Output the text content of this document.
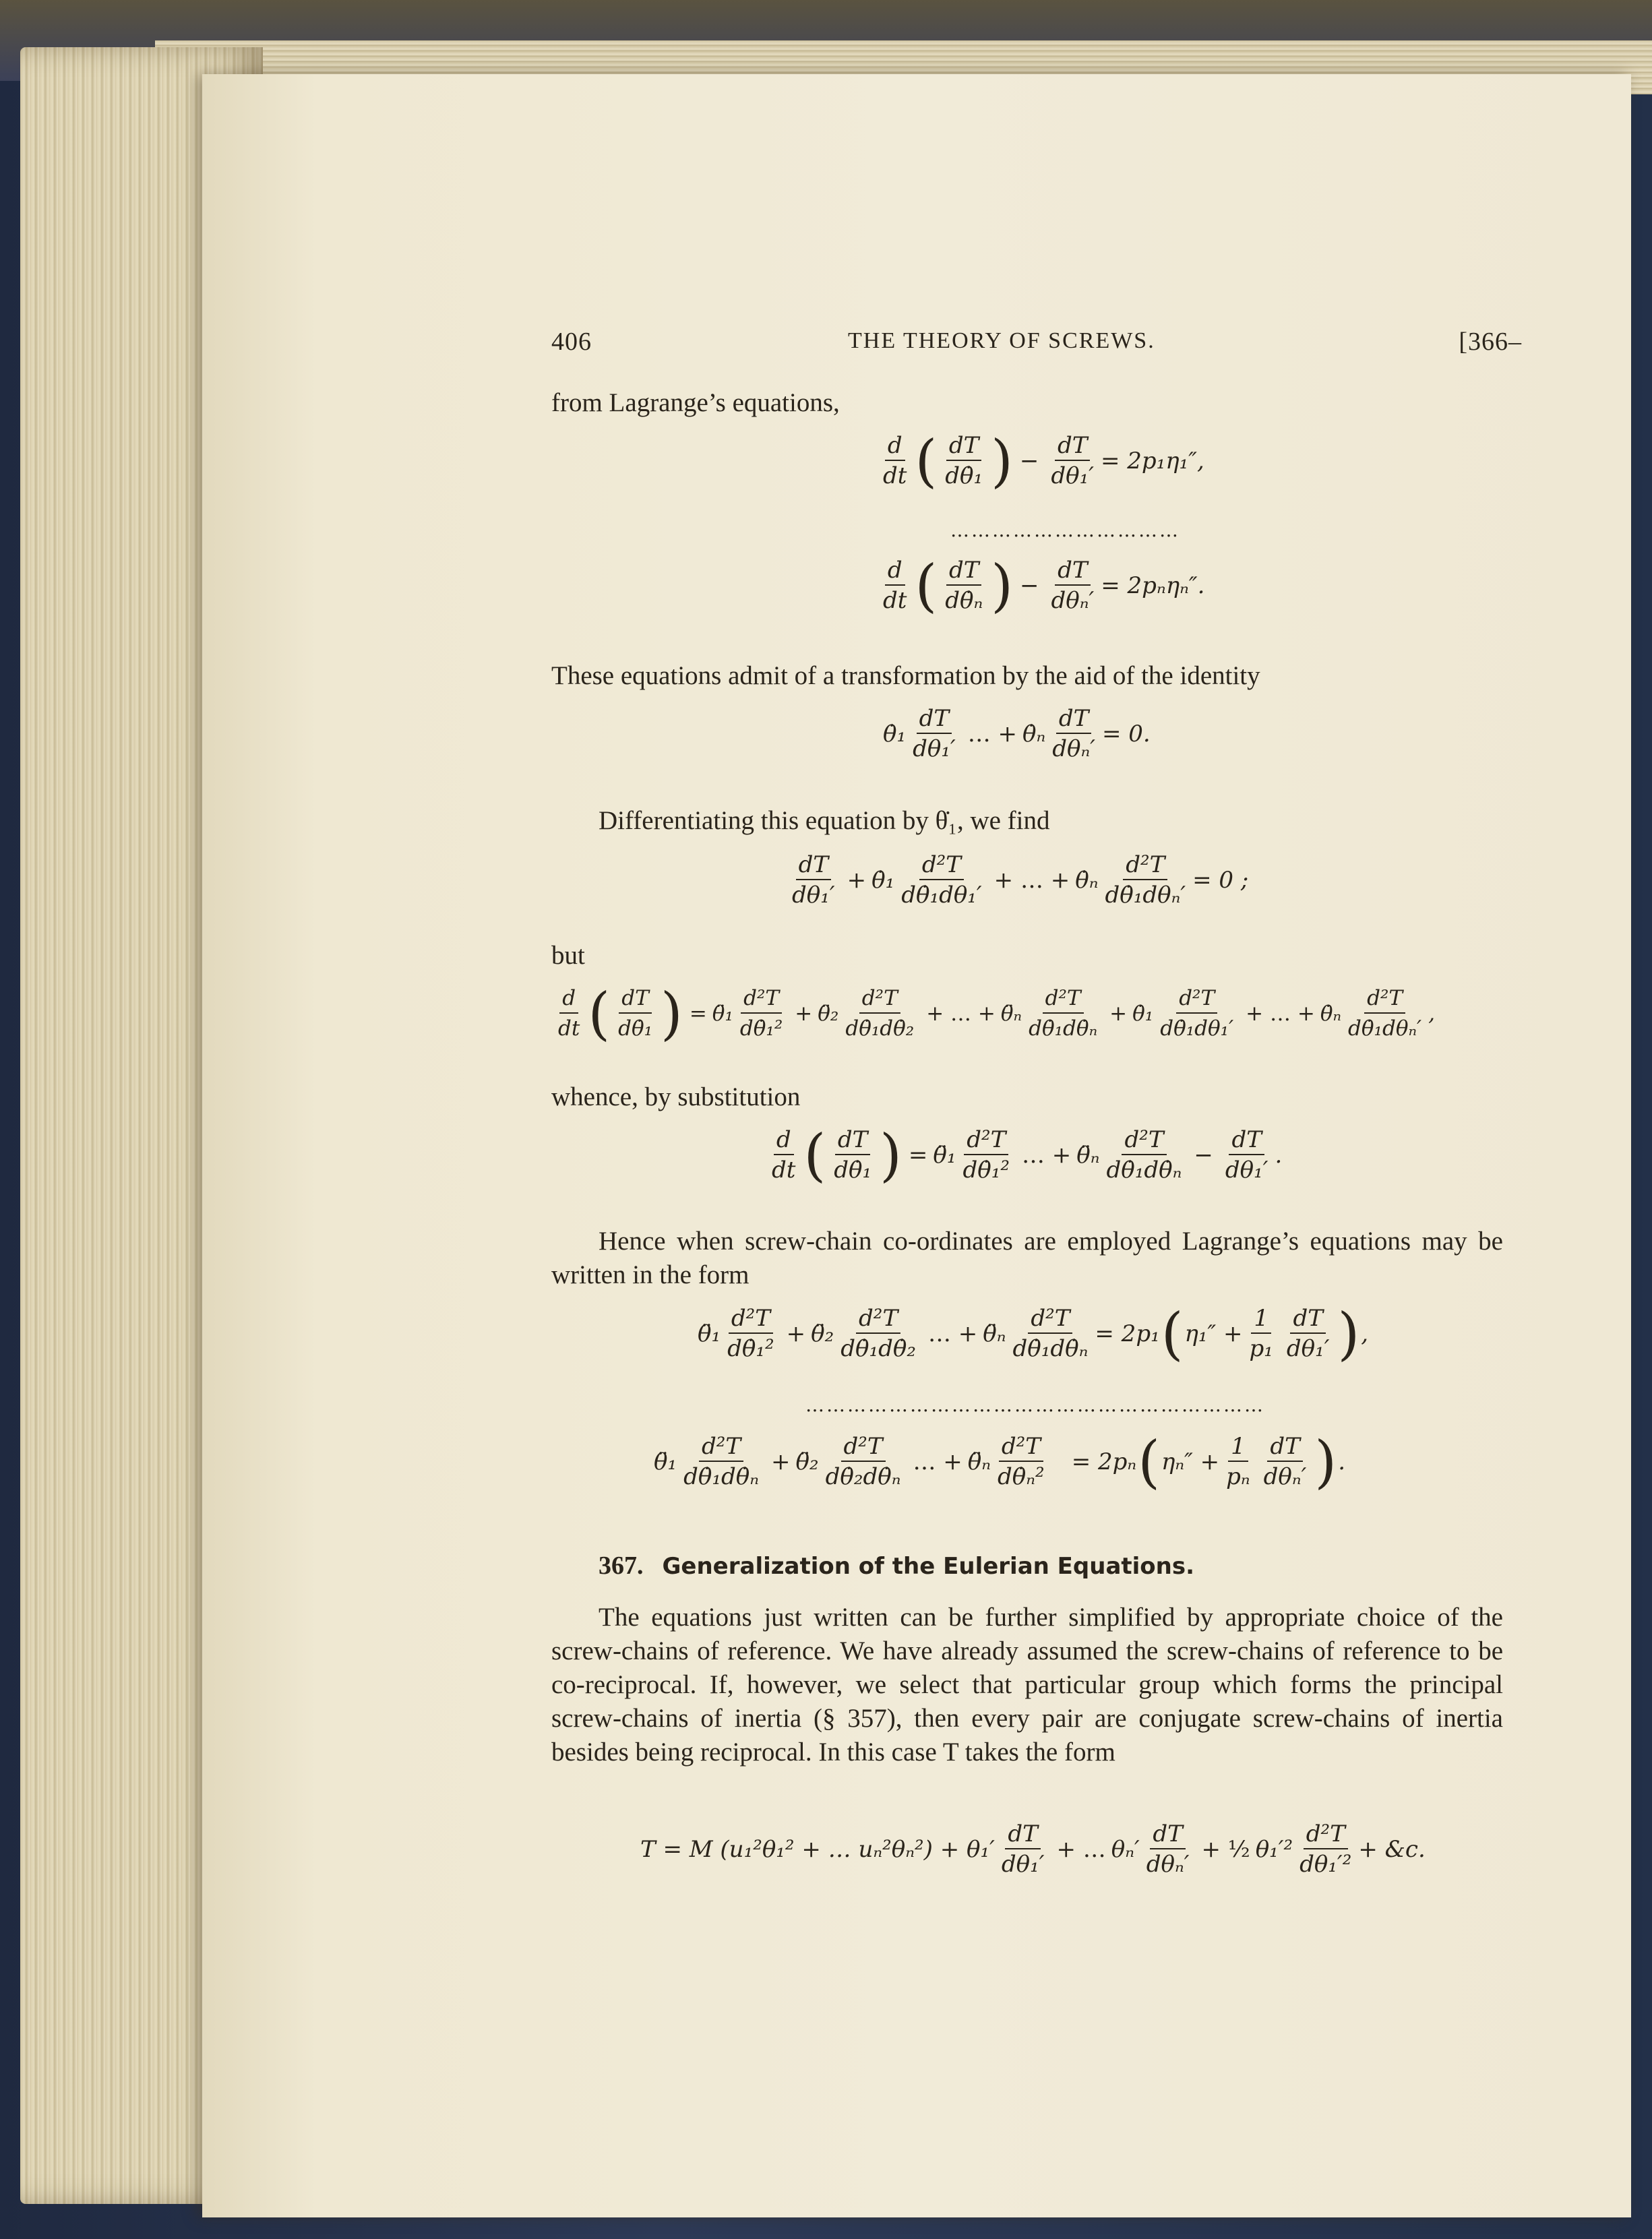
406	THE THEORY OF SCREWS.	[366–
from Lagrange’s equations,
$\frac{d}{dt}$ ( $\frac{dT}{\text{dθ̇₁}}$ ) − $\frac{dT}{\text{dθ₁′}} = 2p_1\eta_1''$,
……………………………
$\frac{d}{dt}$ ( $\frac{dT}{\text{dθ̇ₙ}}$ ) − $\frac{dT}{\text{dθₙ′}} = 2p_n\eta_n''$.
These equations admit of a transformation by the aid of the identity
θ̇₁ $\frac{dT}{\text{dθ₁′}}$ … + θ̇ₙ $\frac{dT}{\text{dθₙ′}} = 0$.
Differentiating this equation by θ̇₁, we find
$\frac{dT}{\text{dθ₁′}}$ + θ̇₁ $\frac{\text{d²T}}{\text{dθ̇₁dθ₁′}}$ + … + θ̇ₙ $\frac{\text{d²T}}{\text{dθ̇₁dθₙ′}} = 0$ ;
but
$\frac{d}{dt}$ ( $\frac{dT}{\text{dθ̇₁}}$ ) = θ̈₁ $\frac{\text{d²T}}{\text{dθ̇₁²}}$ + θ̈₂ $\frac{\text{d²T}}{\text{dθ̇₁dθ̇₂}}$ + … + θ̈ₙ $\frac{\text{d²T}}{\text{dθ̇₁dθ̇ₙ}}$ + θ̇₁ $\frac{\text{d²T}}{\text{dθ̇₁dθ₁′}}$ + … + θ̇ₙ $\frac{\text{d²T}}{\text{dθ̇₁dθₙ′}}$ ,
whence, by substitution
$\frac{d}{dt}$ ( $\frac{dT}{\text{dθ̇₁}}$ ) = θ̈₁ $\frac{\text{d²T}}{\text{dθ̇₁²}}$ … + θ̈ₙ $\frac{\text{d²T}}{\text{dθ̇₁dθ̇ₙ}} - \frac{dT}{\text{dθ₁′}}$ .
Hence when screw-chain co-ordinates are employed Lagrange’s equations may be written in the form
θ̈₁ $\frac{\text{d²T}}{\text{dθ̇₁²}}$ + θ̈₂ $\frac{\text{d²T}}{\text{dθ̇₁dθ̇₂}}$ … + θ̈ₙ $\frac{\text{d²T}}{\text{dθ̇₁dθ̇ₙ}} = 2p_1$ ( $\eta_1'' + \frac{1}{\text{p₁}} \frac{dT}{\text{dθ₁′}}$ ) ,
…………………………………………………………
θ̈₁ $\frac{\text{d²T}}{\text{dθ̇₁dθ̇ₙ}}$ + θ̈₂ $\frac{\text{d²T}}{\text{dθ̇₂dθ̇ₙ}}$ … + θ̈ₙ $\frac{\text{d²T}}{\text{dθ̇ₙ²}} = 2p_n$ ( $\eta_n'' + \frac{1}{\text{pₙ}} \frac{dT}{\text{dθₙ′}}$ ) .
367. Generalization of the Eulerian Equations.
The equations just written can be further simplified by appropriate choice of the screw-chains of reference. We have already assumed the screw-chains of reference to be co-reciprocal. If, however, we select that particular group which forms the principal screw-chains of inertia (§ 357), then every pair are conjugate screw-chains of inertia besides being reciprocal. In this case T takes the form
T = M (u₁²θ₁² + … $u_n^2\theta_n^2) + \theta_1' \frac{dT}{\text{dθ₁′}}$ + … $\theta_n' \frac{dT}{\text{dθₙ′}}$ + ½ $\theta_1'^2 \frac{\text{d²T}}{\text{dθ₁′²}}$ + &c.
